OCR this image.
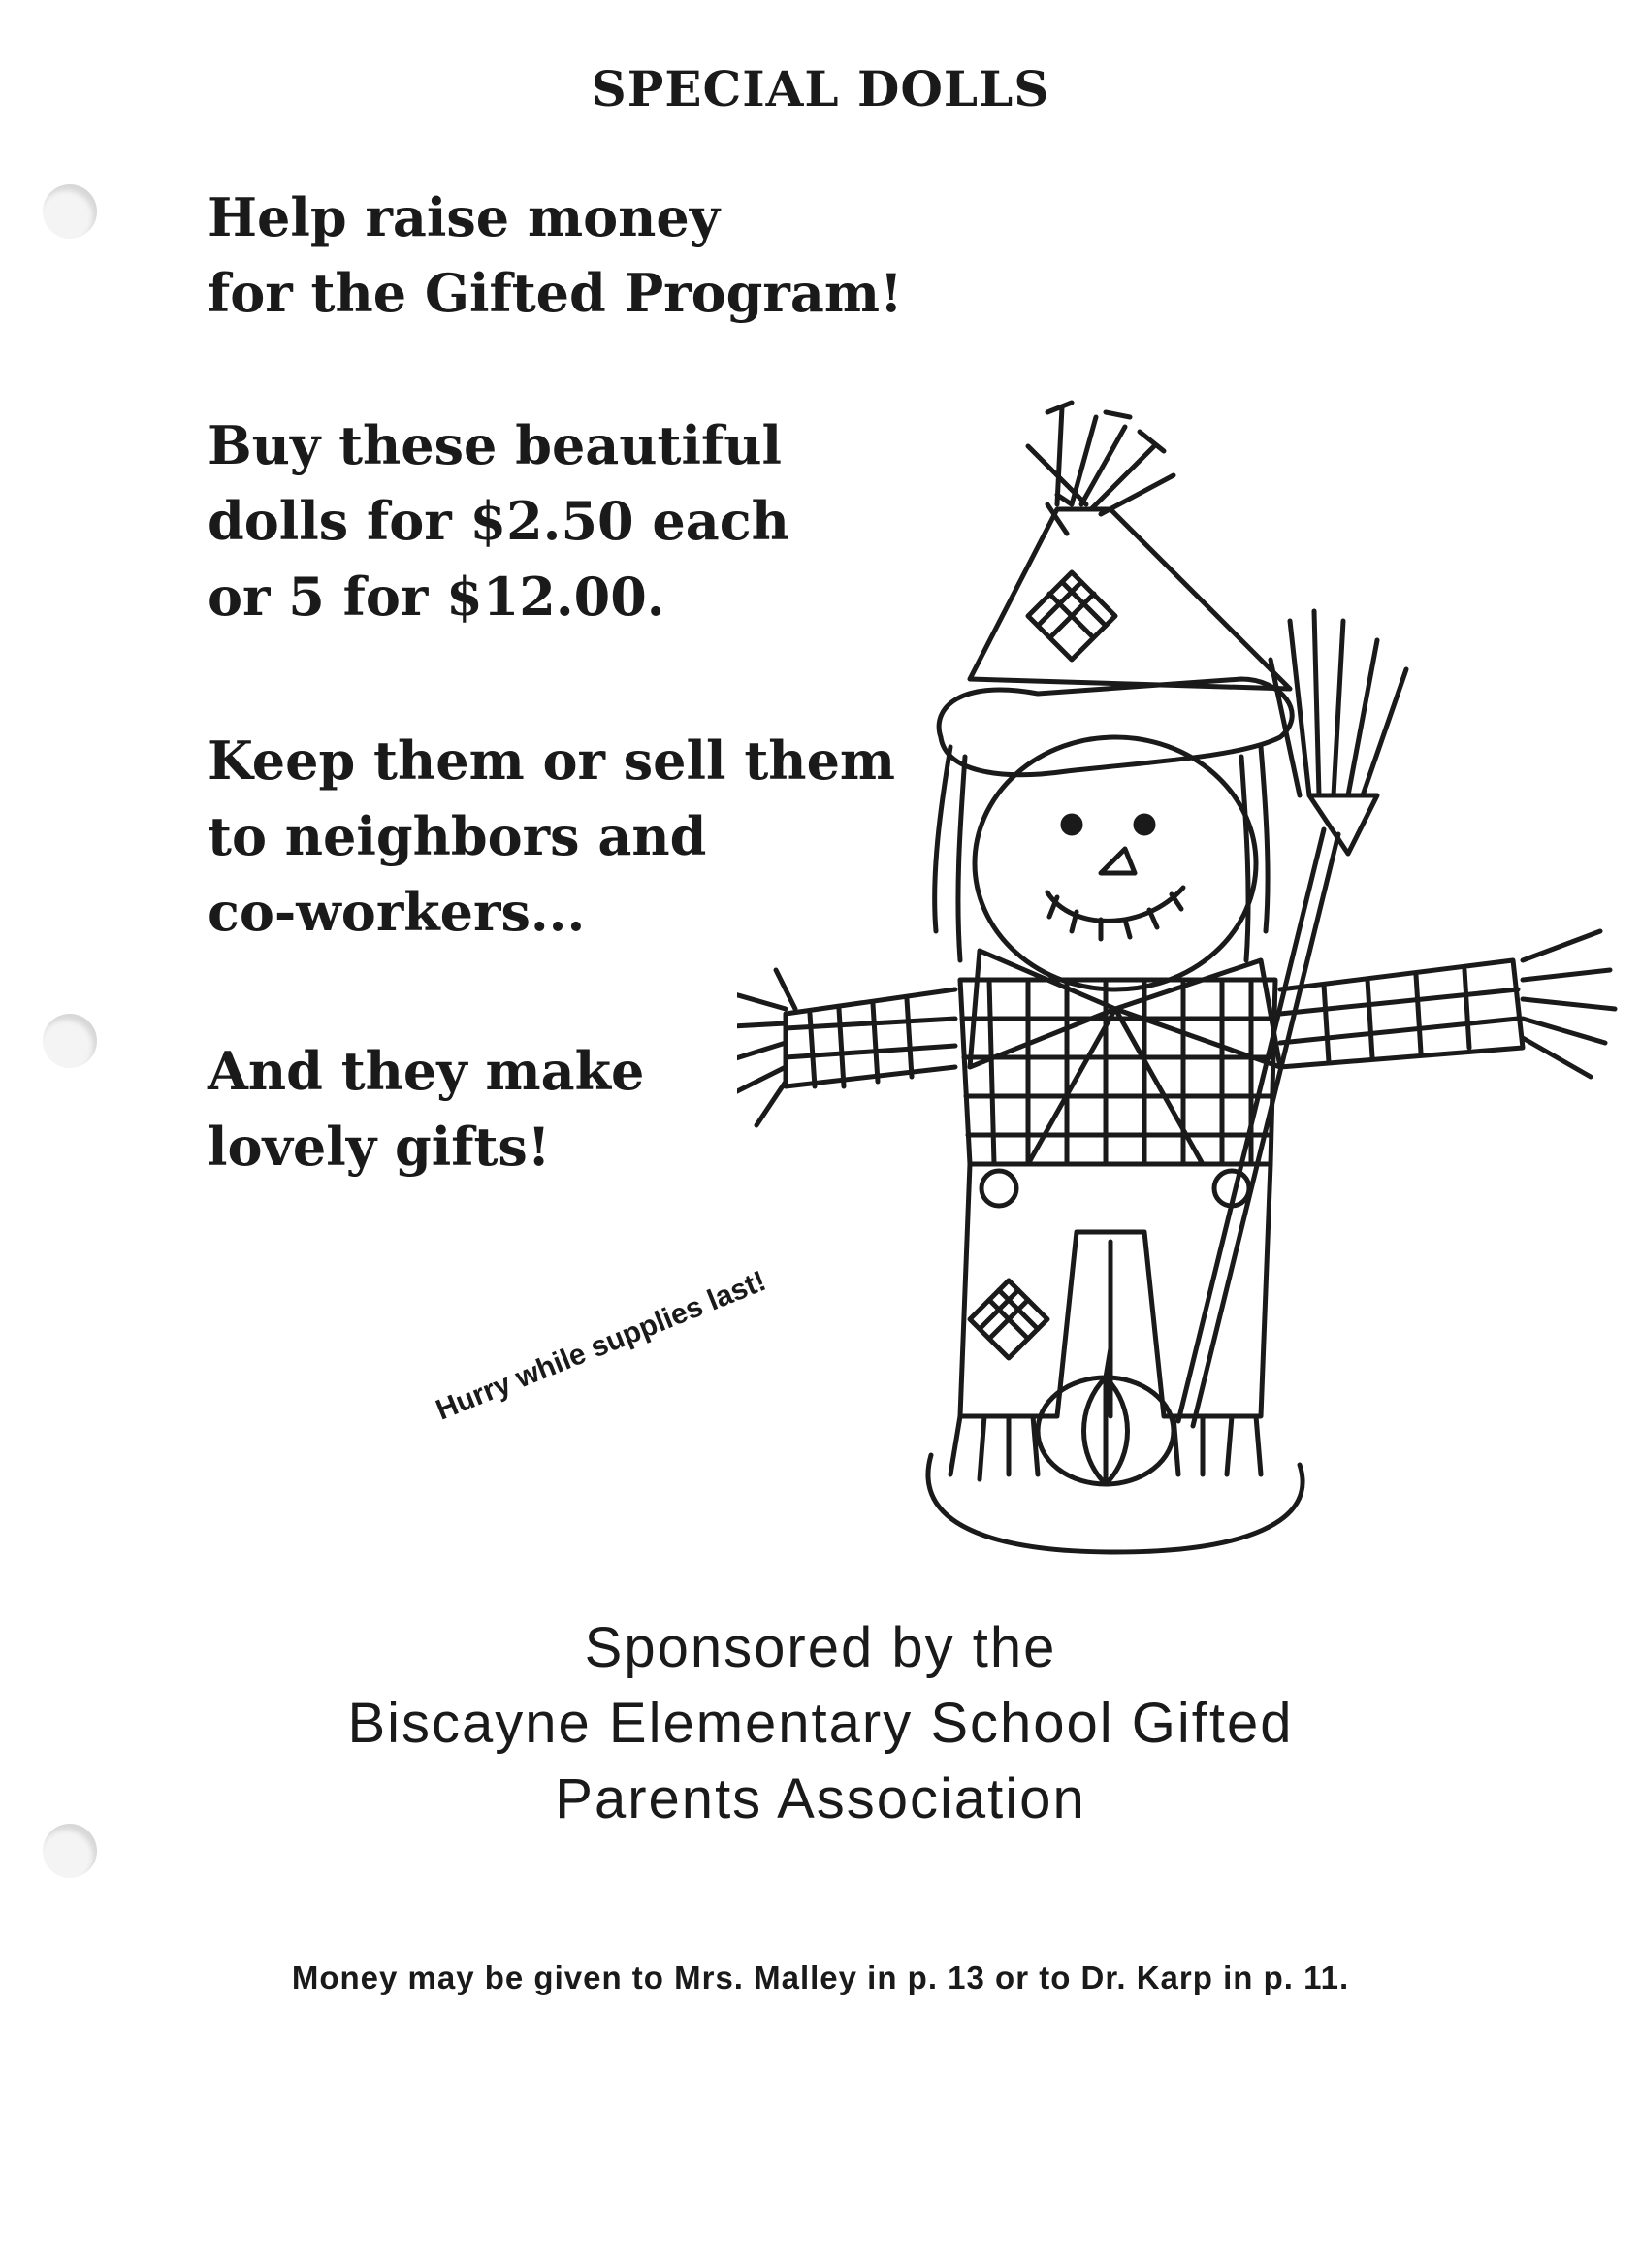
SPECIAL DOLLS
Help raise money
for the Gifted Program!
Buy these beautiful
dolls for $2.50 each
or 5 for $12.00.
Keep them or sell them
to neighbors and
co-workers...
And they make
lovely gifts!
Hurry while supplies last!
Sponsored by the
Biscayne Elementary School Gifted
Parents Association
Money may be given to Mrs. Malley in p. 13 or to Dr. Karp in p. 11.
